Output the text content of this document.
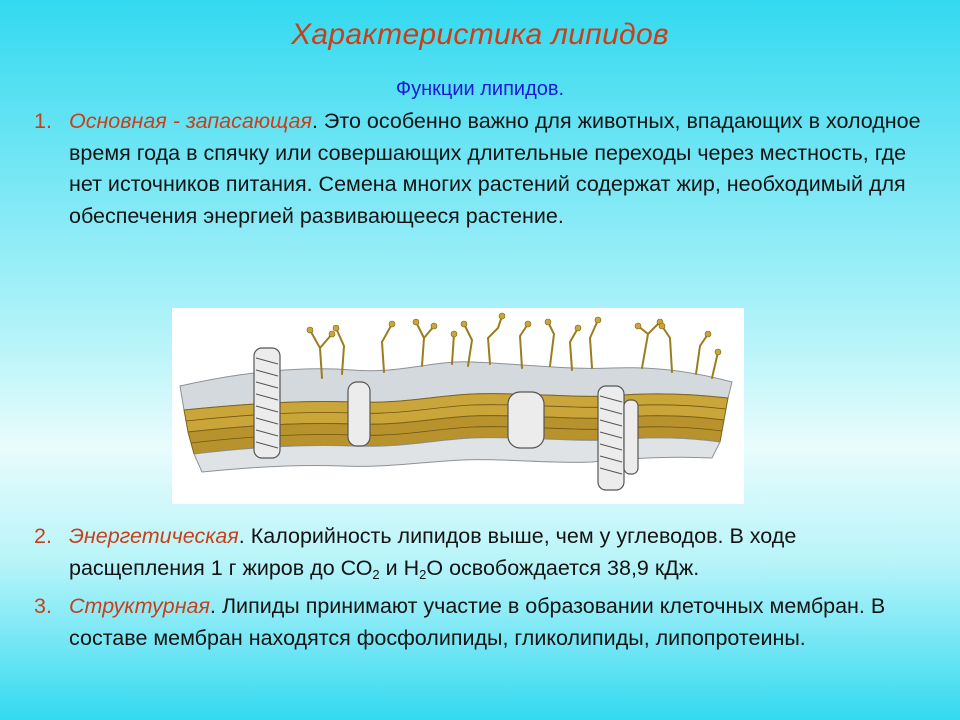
Характеристика липидов
Функции липидов.
1. Основная - запасающая. Это особенно важно для животных, впадающих в холодное время года в спячку или совершающих длительные переходы через местность, где нет источников питания. Семена многих растений содержат жир, необходимый для обеспечения энергией развивающееся растение.
2. Энергетическая. Калорийность липидов выше, чем у углеводов. В ходе расщепления 1 г жиров до $СО_2$ и $Н_2О$ освобождается 38,9 кДж.
3. Структурная. Липиды принимают участие в образовании клеточных мембран. В составе мембран находятся фосфолипиды, гликолипиды, липопротеины.
